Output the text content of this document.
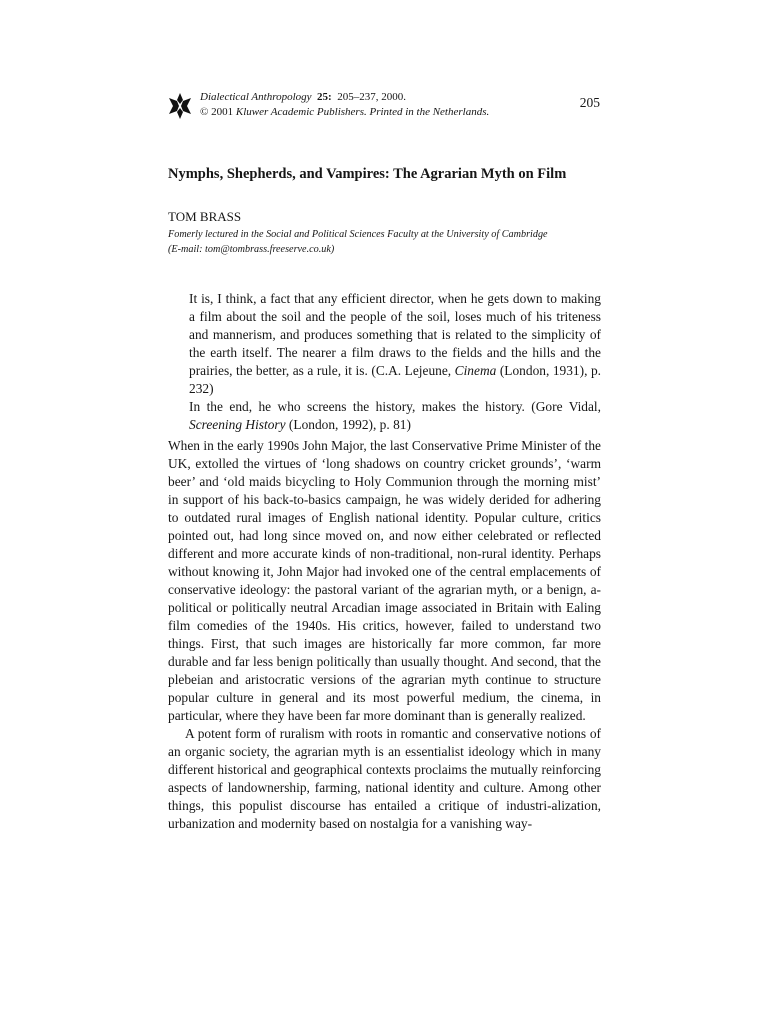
Dialectical Anthropology 25: 205–237, 2000.
© 2001 Kluwer Academic Publishers. Printed in the Netherlands.
205
Nymphs, Shepherds, and Vampires: The Agrarian Myth on Film
TOM BRASS
Fomerly lectured in the Social and Political Sciences Faculty at the University of Cambridge
(E-mail: tom@tombrass.freeserve.co.uk)

It is, I think, a fact that any efficient director, when he gets down to making a film about the soil and the people of the soil, loses much of his triteness and mannerism, and produces something that is related to the simplicity of the earth itself. The nearer a film draws to the fields and the hills and the prairies, the better, as a rule, it is. (C.A. Lejeune, Cinema (London, 1931), p. 232)

In the end, he who screens the history, makes the history. (Gore Vidal, Screening History (London, 1992), p. 81)

When in the early 1990s John Major, the last Conservative Prime Minister of the UK, extolled the virtues of ‘long shadows on country cricket grounds’, ‘warm beer’ and ‘old maids bicycling to Holy Communion through the morning mist’ in support of his back-to-basics campaign, he was widely derided for adhering to outdated rural images of English national identity. Popular culture, critics pointed out, had long since moved on, and now either celebrated or reflected different and more accurate kinds of non-traditional, non-rural identity. Perhaps without knowing it, John Major had invoked one of the central emplacements of conservative ideology: the pastoral variant of the agrarian myth, or a benign, a-political or politically neutral Arcadian image associated in Britain with Ealing film comedies of the 1940s. His critics, however, failed to understand two things. First, that such images are historically far more common, far more durable and far less benign politically than usually thought. And second, that the plebeian and aristocratic versions of the agrarian myth continue to structure popular culture in general and its most powerful medium, the cinema, in particular, where they have been far more dominant than is generally realized.

A potent form of ruralism with roots in romantic and conservative notions of an organic society, the agrarian myth is an essentialist ideology which in many different historical and geographical contexts proclaims the mutually reinforcing aspects of landownership, farming, national identity and culture. Among other things, this populist discourse has entailed a critique of industri-alization, urbanization and modernity based on nostalgia for a vanishing way-
